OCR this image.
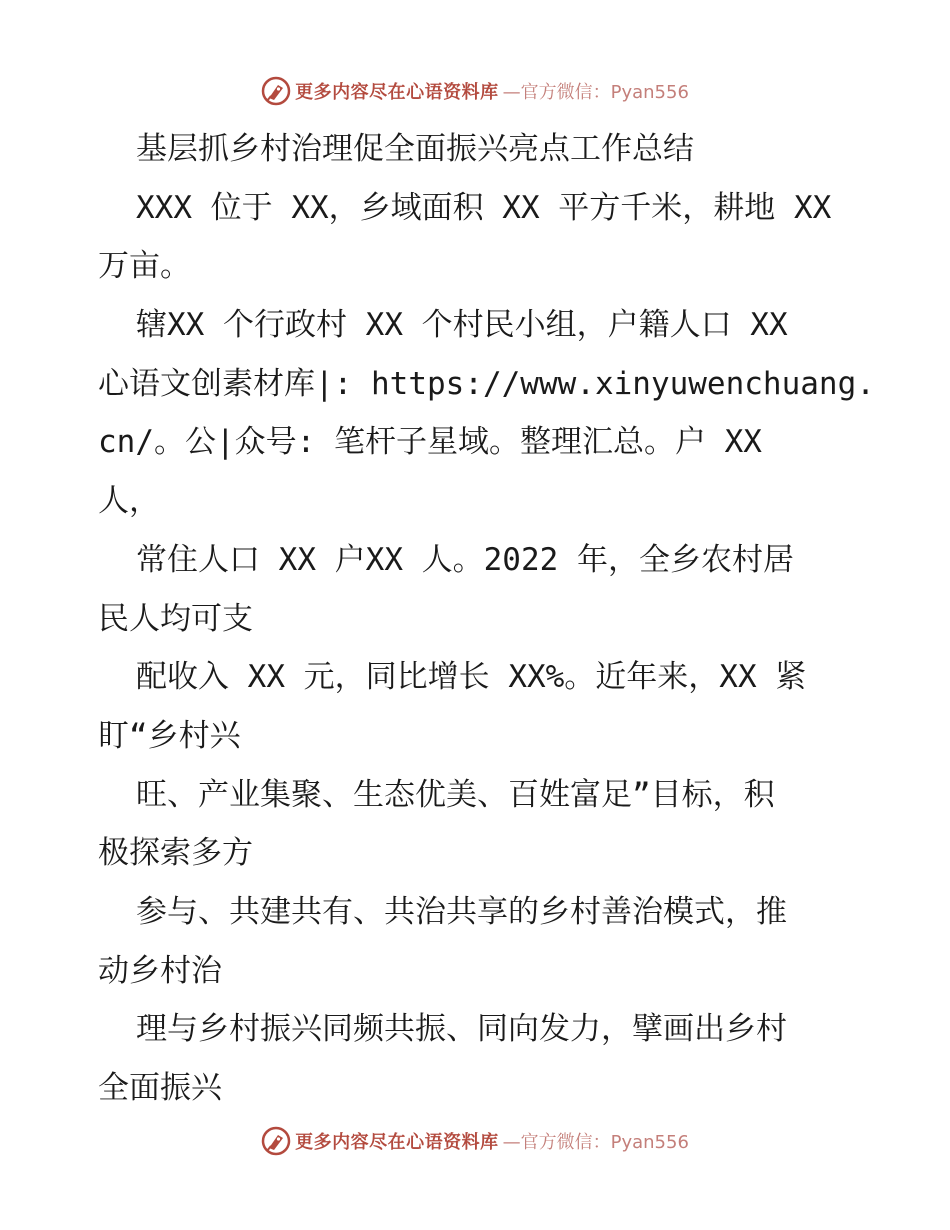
更多内容尽在心语资料库 —官方微信：Pyan556
基层抓乡村治理促全面振兴亮点工作总结
XXX 位于 XX，乡域面积 XX 平方千米，耕地 XX
万亩。
辖XX 个行政村 XX 个村民小组，户籍人口 XX
心语文创素材库|: https://www.xinyuwenchuang.
cn/。公|众号: 笔杆子星域。整理汇总。户 XX
人，
常住人口 XX 户XX 人。2022 年，全乡农村居
民人均可支
配收入 XX 元，同比增长 XX%。近年来，XX 紧
盯“乡村兴
旺、产业集聚、生态优美、百姓富足”目标，积
极探索多方
参与、共建共有、共治共享的乡村善治模式，推
动乡村治
理与乡村振兴同频共振、同向发力，擘画出乡村
全面振兴
更多内容尽在心语资料库 —官方微信：Pyan556
